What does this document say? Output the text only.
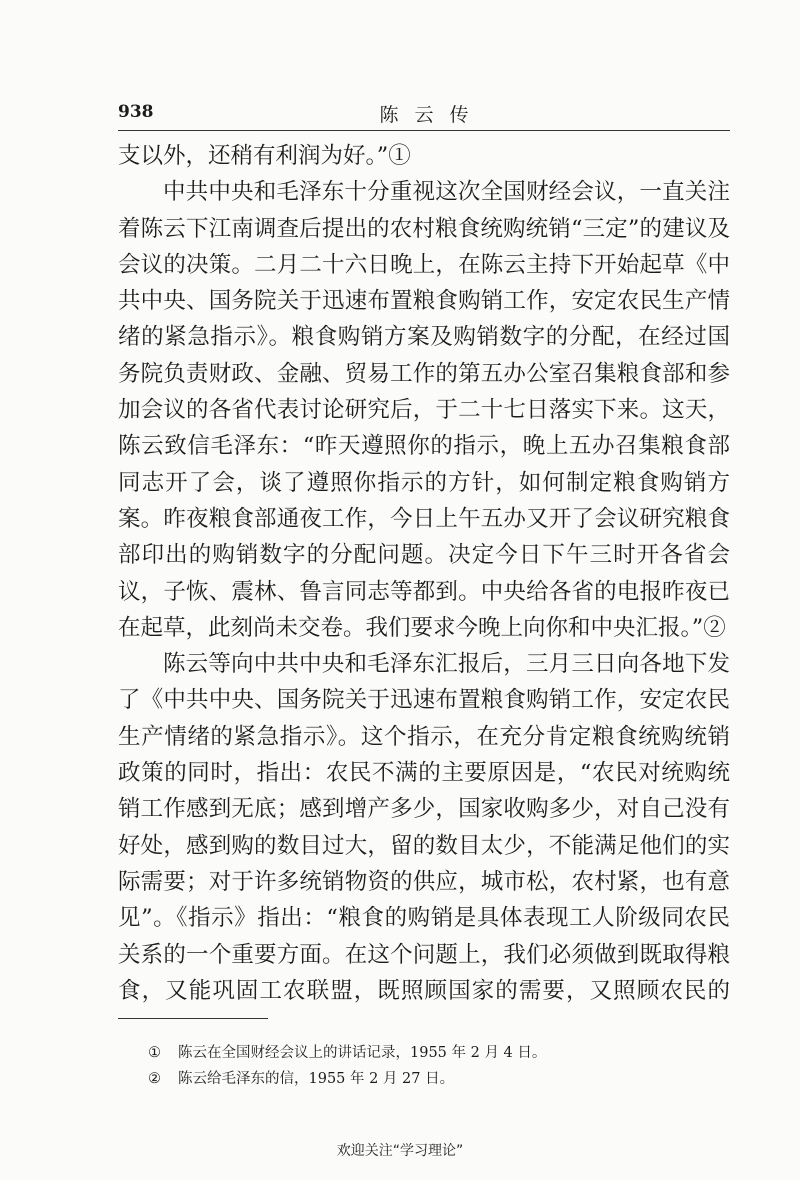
938	陈云传

支以外，还稍有利润为好。”①

中共中央和毛泽东十分重视这次全国财经会议，一直关注着陈云下江南调查后提出的农村粮食统购统销“三定”的建议及会议的决策。二月二十六日晚上，在陈云主持下开始起草《中共中央、国务院关于迅速布置粮食购销工作，安定农民生产情绪的紧急指示》。粮食购销方案及购销数字的分配，在经过国务院负责财政、金融、贸易工作的第五办公室召集粮食部和参加会议的各省代表讨论研究后，于二十七日落实下来。这天，陈云致信毛泽东：“昨天遵照你的指示，晚上五办召集粮食部同志开了会，谈了遵照你指示的方针，如何制定粮食购销方案。昨夜粮食部通夜工作，今日上午五办又开了会议研究粮食部印出的购销数字的分配问题。决定今日下午三时开各省会议，子恢、震林、鲁言同志等都到。中央给各省的电报昨夜已在起草，此刻尚未交卷。我们要求今晚上向你和中央汇报。”②

陈云等向中共中央和毛泽东汇报后，三月三日向各地下发了《中共中央、国务院关于迅速布置粮食购销工作，安定农民生产情绪的紧急指示》。这个指示，在充分肯定粮食统购统销政策的同时，指出：农民不满的主要原因是，“农民对统购统销工作感到无底；感到增产多少，国家收购多少，对自己没有好处，感到购的数目过大，留的数目太少，不能满足他们的实际需要；对于许多统销物资的供应，城市松，农村紧，也有意见”。《指示》指出：“粮食的购销是具体表现工人阶级同农民关系的一个重要方面。在这个问题上，我们必须做到既取得粮食，又能巩固工农联盟，既照顾国家的需要，又照顾农民的

① 陈云在全国财经会议上的讲话记录，1955 年 2 月 4 日。
② 陈云给毛泽东的信，1955 年 2 月 27 日。
欢迎关注“学习理论”
